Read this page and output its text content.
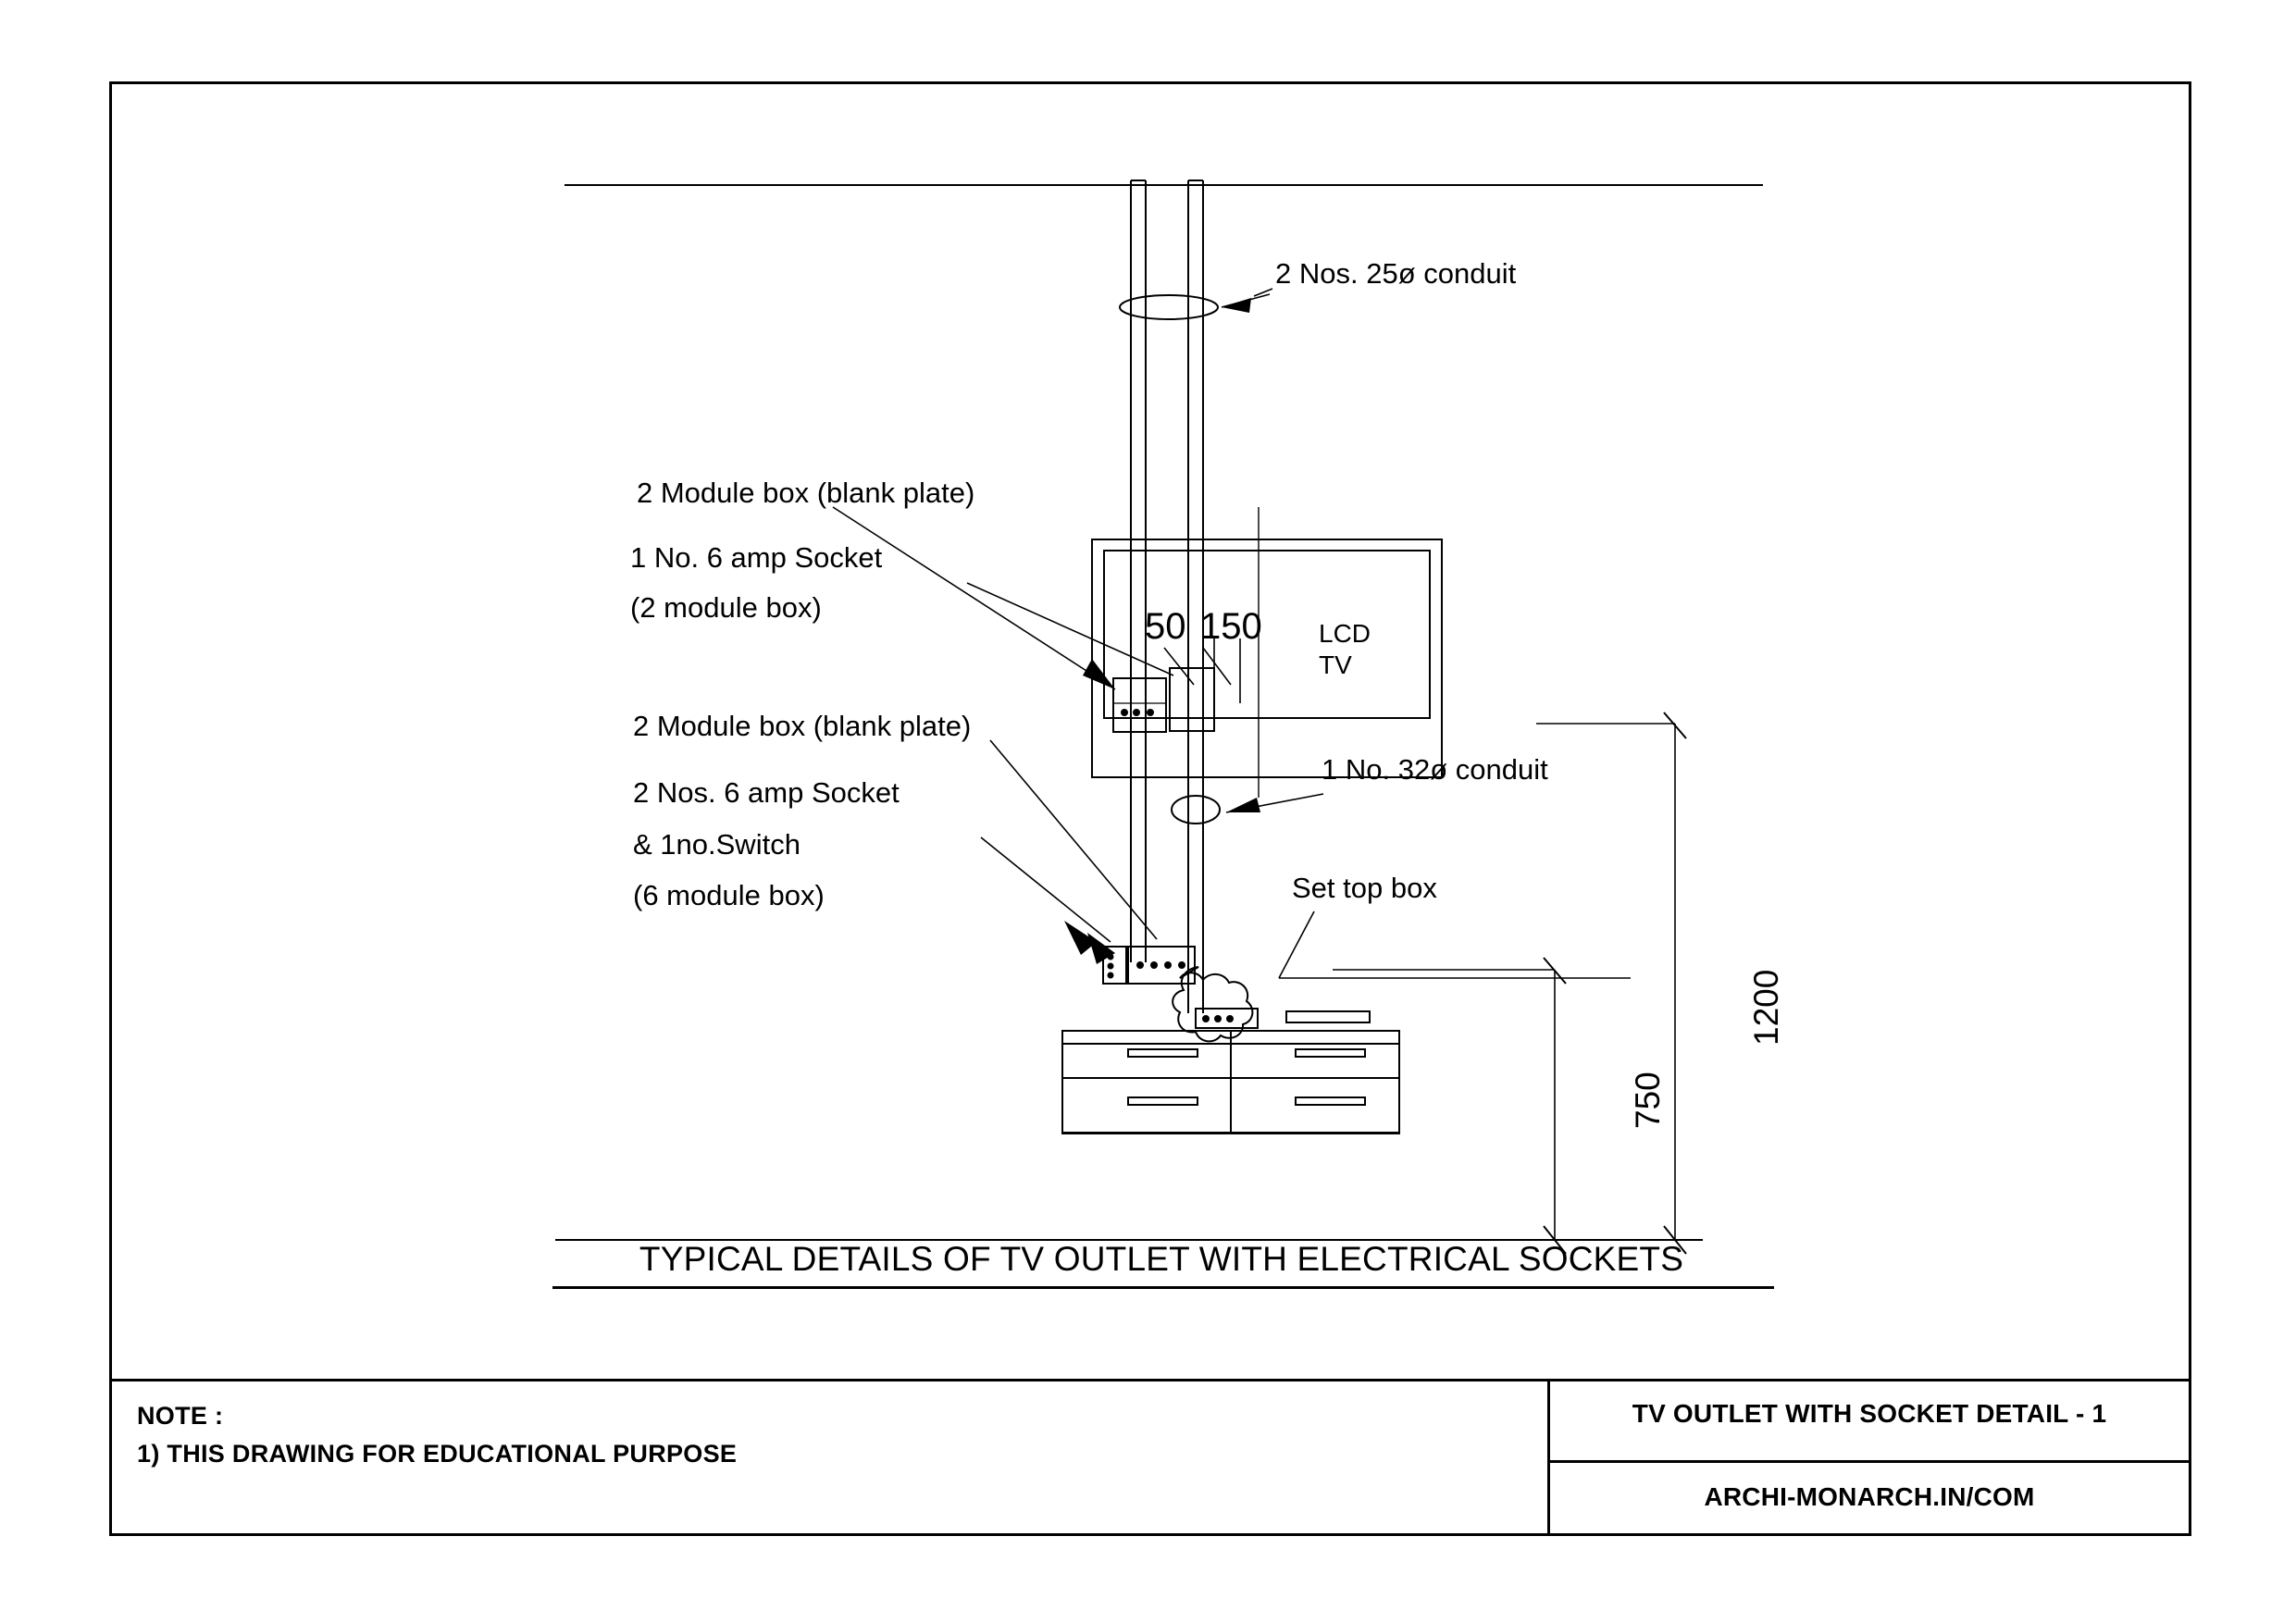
2 Nos. 25ø conduit
2 Module box (blank plate)
1 No. 6 amp Socket
(2 module box)
2 Module box (blank plate)
2 Nos. 6 amp Socket
& 1no.Switch
(6 module box)
1 No. 32ø conduit
Set top box
LCD
TV
50 150
750
1200
TYPICAL DETAILS OF TV OUTLET WITH ELECTRICAL SOCKETS
NOTE :
1) THIS DRAWING FOR EDUCATIONAL PURPOSE
TV OUTLET WITH SOCKET DETAIL - 1
ARCHI-MONARCH.IN/COM
